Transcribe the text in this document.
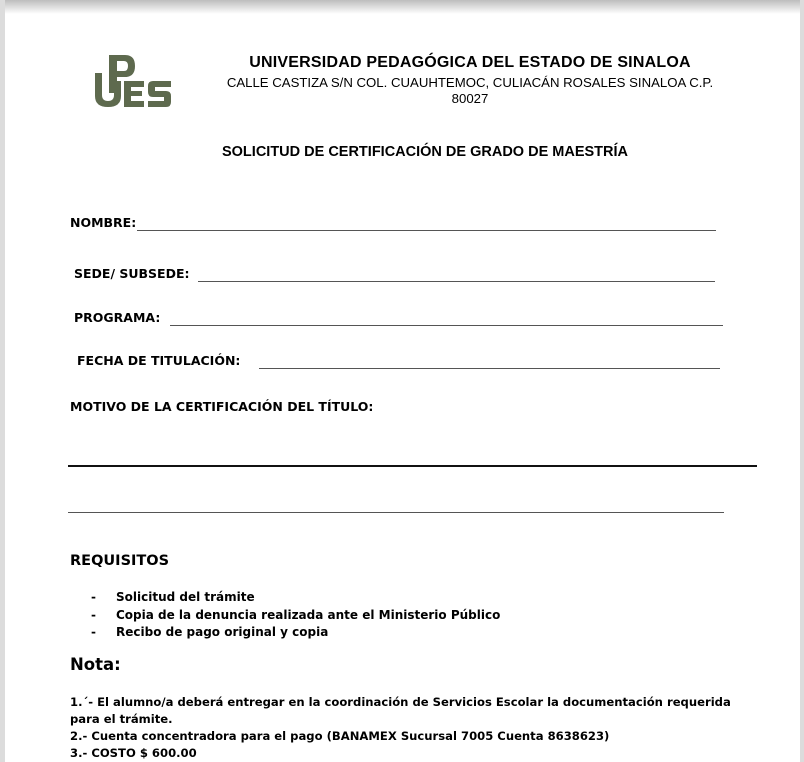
UNIVERSIDAD PEDAGÓGICA DEL ESTADO DE SINALOA
CALLE CASTIZA S/N COL. CUAUHTEMOC, CULIACÁN ROSALES SINALOA C.P.
80027
SOLICITUD DE CERTIFICACIÓN DE GRADO DE MAESTRÍA
NOMBRE:
SEDE/ SUBSEDE:
PROGRAMA:
FECHA DE TITULACIÓN:
MOTIVO DE LA CERTIFICACIÓN DEL TÍTULO:
REQUISITOS
- Solicitud del trámite
- Copia de la denuncia realizada ante el Ministerio Público
- Recibo de pago original y copia
Nota:
1.´- El alumno/a deberá entregar en la coordinación de Servicios Escolar la documentación requerida para el trámite.
2.- Cuenta concentradora para el pago (BANAMEX Sucursal 7005 Cuenta 8638623)
3.- COSTO $ 600.00
